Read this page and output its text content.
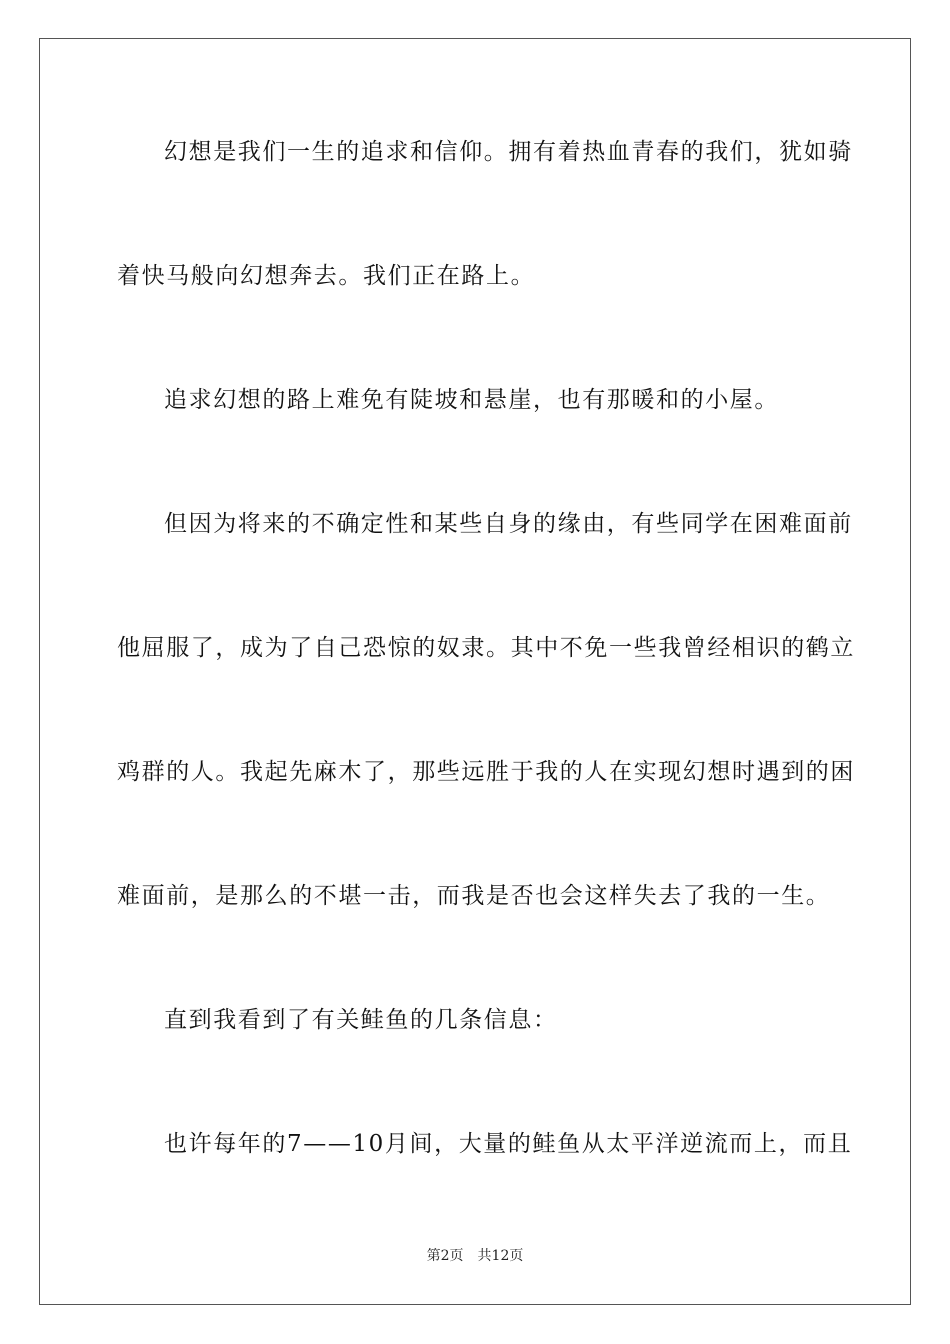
幻想是我们一生的追求和信仰。拥有着热血青春的我们，犹如骑
着快马般向幻想奔去。我们正在路上。
追求幻想的路上难免有陡坡和悬崖，也有那暖和的小屋。
但因为将来的不确定性和某些自身的缘由，有些同学在困难面前
他屈服了，成为了自己恐惊的奴隶。其中不免一些我曾经相识的鹤立
鸡群的人。我起先麻木了，那些远胜于我的人在实现幻想时遇到的困
难面前，是那么的不堪一击，而我是否也会这样失去了我的一生。
直到我看到了有关鲑鱼的几条信息：
也许每年的7——10月间，大量的鲑鱼从太平洋逆流而上，而且
第2页 共12页
